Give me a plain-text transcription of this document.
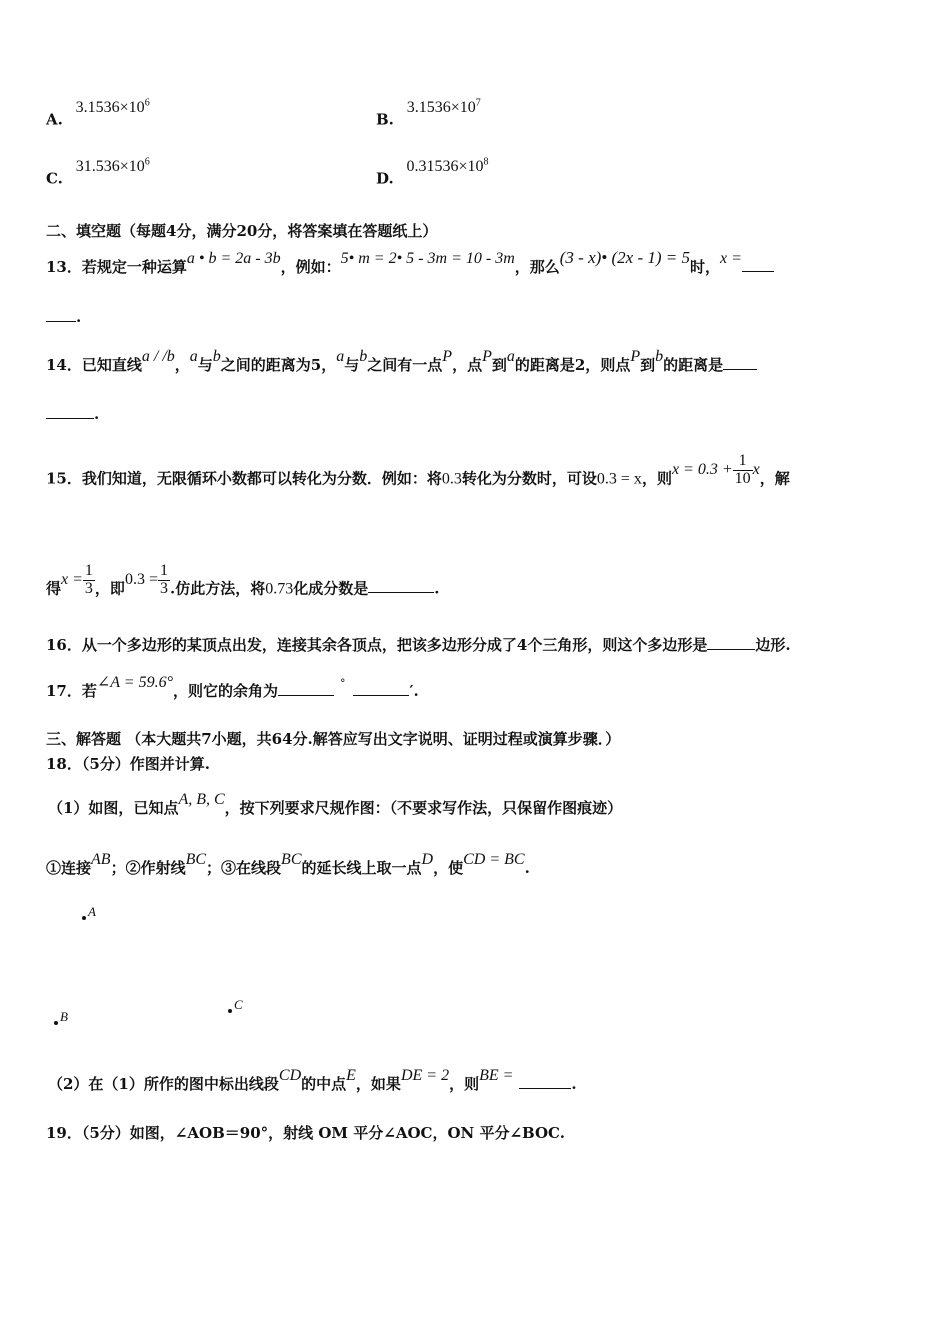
A. $3.1536\times 10^6$
B. $3.1536\times 10^7$
C. $31.536\times 10^6$
D. $0.31536\times 10^8$
二、填空题（每题4分，满分20分，将答案填在答题纸上）
13．若规定一种运算a • b = 2a - 3b，例如：5• m = 2• 5 - 3m = 10 - 3m，那么(3 - x)• (2x - 1) = 5时，x =
.
14．已知直线a / /b，a与b之间的距离为5，a与b之间有一点P，点P到a的距离是2，则点P到b的距离是
.
15．我们知道，无限循环小数都可以转化为分数．例如：将0.3转化为分数时，可设0.3 = x，则$x = 0.3 + \frac{1}{10}$ x，解
得$x = \frac{1}{3}$ ，即$0.3 = \frac{1}{3}$ .仿此方法，将0.73化成分数是	.
16．从一个多边形的某顶点出发，连接其余各顶点，把该多边形分成了4个三角形，则这个多边形是	边形.
17．若∠A = 59.6°，则它的余角为	°	′.
三、解答题 （本大题共7小题，共64分.解答应写出文字说明、证明过程或演算步骤．）
18．（5分）作图并计算.
（1）如图，已知点A, B, C，按下列要求尺规作图：（不要求写作法，只保留作图痕迹）
①连接AB；②作射线BC；③在线段BC的延长线上取一点D，使CD = BC.
A
B
C
（2）在（1）所作的图中标出线段CD的中点E，如果DE = 2，则BE =	.
19．（5分）如图，∠AOB＝90°，射线 OM 平分∠AOC，ON 平分∠BOC.
